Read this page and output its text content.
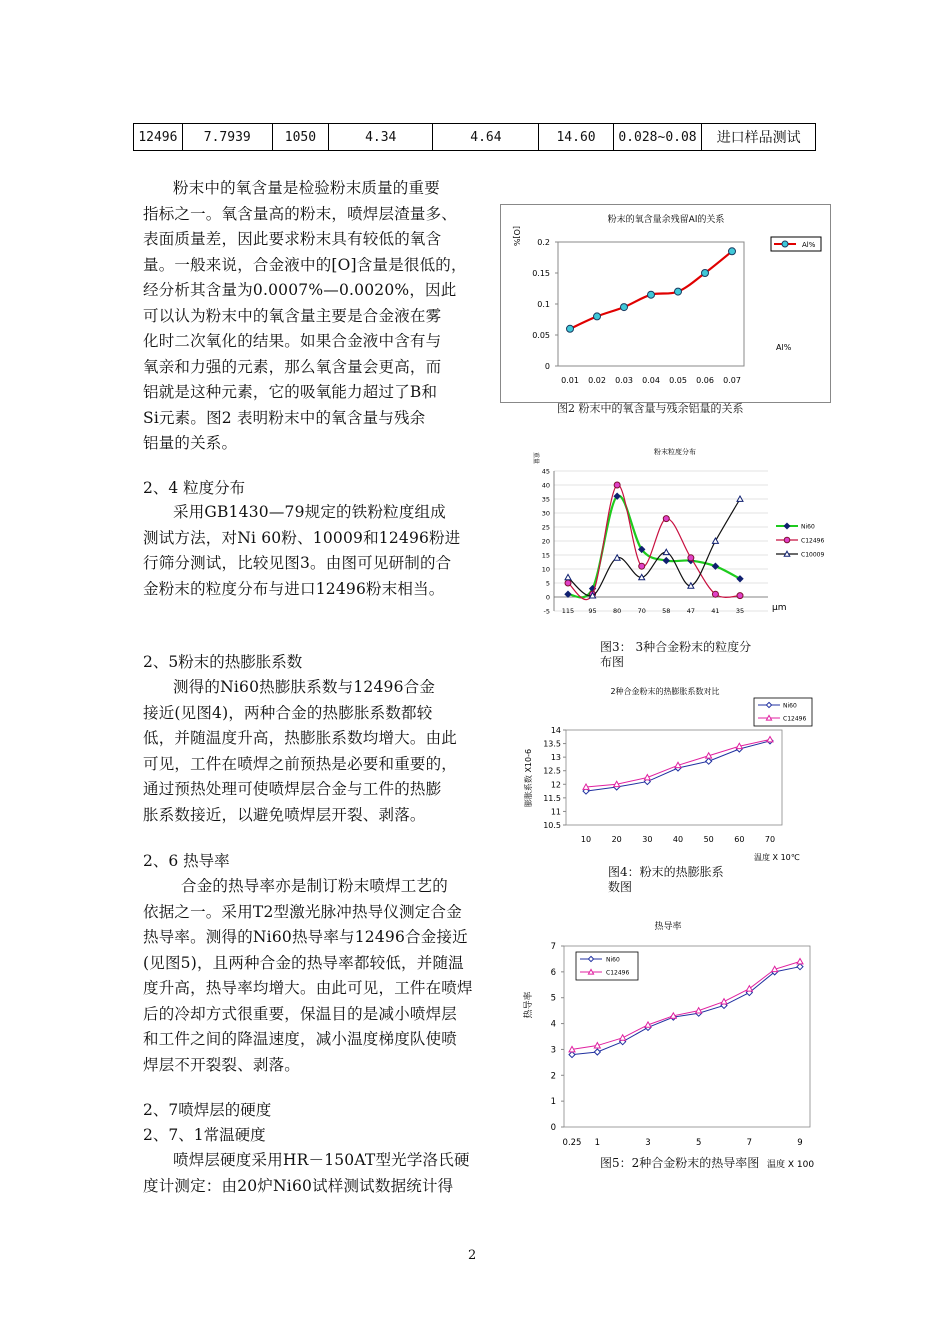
12496	7.7939	1050	4.34	4.64	14.60	0.028~0.08	进口样品测试
粉末中的氧含量是检验粉末质量的重要
指标之一。氧含量高的粉末，喷焊层渣量多、
表面质量差，因此要求粉末具有较低的氧含
量。一般来说，合金液中的[O]含量是很低的，
经分析其含量为0.0007%—0.0020%，因此
可以认为粉末中的氧含量主要是合金液在雾
化时二次氧化的结果。如果合金液中含有与
氧亲和力强的元素，那么氧含量会更高，而
铝就是这种元素，它的吸氧能力超过了B和
Si元素。图2 表明粉末中的氧含量与残余
铝量的关系。
2、4 粒度分布
采用GB1430—79规定的铁粉粒度组成
测试方法，对Ni 60粉、10009和12496粉进
行筛分测试，比较见图3。由图可见研制的合
金粉末的粒度分布与进口12496粉末相当。
2、5粉末的热膨胀系数
测得的Ni60热膨肤系数与12496合金
接近(见图4)，两种合金的热膨胀系数都较
低，并随温度升高，热膨胀系数均增大。由此
可见，工件在喷焊之前预热是必要和重要的，
通过预热处理可使喷焊层合金与工件的热膨
胀系数接近，以避免喷焊层开裂、剥落。
2、6 热导率
合金的热导率亦是制订粉末喷焊工艺的
依据之一。采用T2型激光脉冲热导仪测定合金
热导率。测得的Ni60热导率与12496合金接近
(见图5)，且两种合金的热导率都较低，并随温
度升高，热导率均增大。由此可见，工件在喷焊
后的冷却方式很重要，保温目的是减小喷焊层
和工件之间的降温速度，减小温度梯度队使喷
焊层不开裂裂、剥落。
2、7喷焊层的硬度
2、7、1常温硬度
喷焊层硬度采用HR－150AT型光学洛氏硬
度计测定：由20炉Ni60试样测试数据统计得
2
粉末的氧含量余残留Al的关系
[O]%
Al%
0
0.05
0.1
0.15
0.2
0.01 0.02 0.03 0.04 0.05 0.06 0.07
Al%
图2 粉末中的氧含量与残余铝量的关系
粉末粒度分布
重量
-5
0
5
10
15
20
25
30
35
40
45
115 95	80	70	58	47	41	35	μm
Ni60
C12496
C10009
图3： 3种合金粉末的粒度分
布图
2种合金粉末的热膨胀系数对比
膨胀系数 X10-6
10.5
11
11.5
12
12.5
13
13.5
14
10	20	30	40	50	60	70
温度 X 10℃
Ni60
C12496
图4：粉末的热膨胀系
数图
热导率
热导率
0
1
2
3
4
5
6
7
0.25 1	3	5	7	9
Ni60
C12496
温度 X 100
图5：2种合金粉末的热导率图
